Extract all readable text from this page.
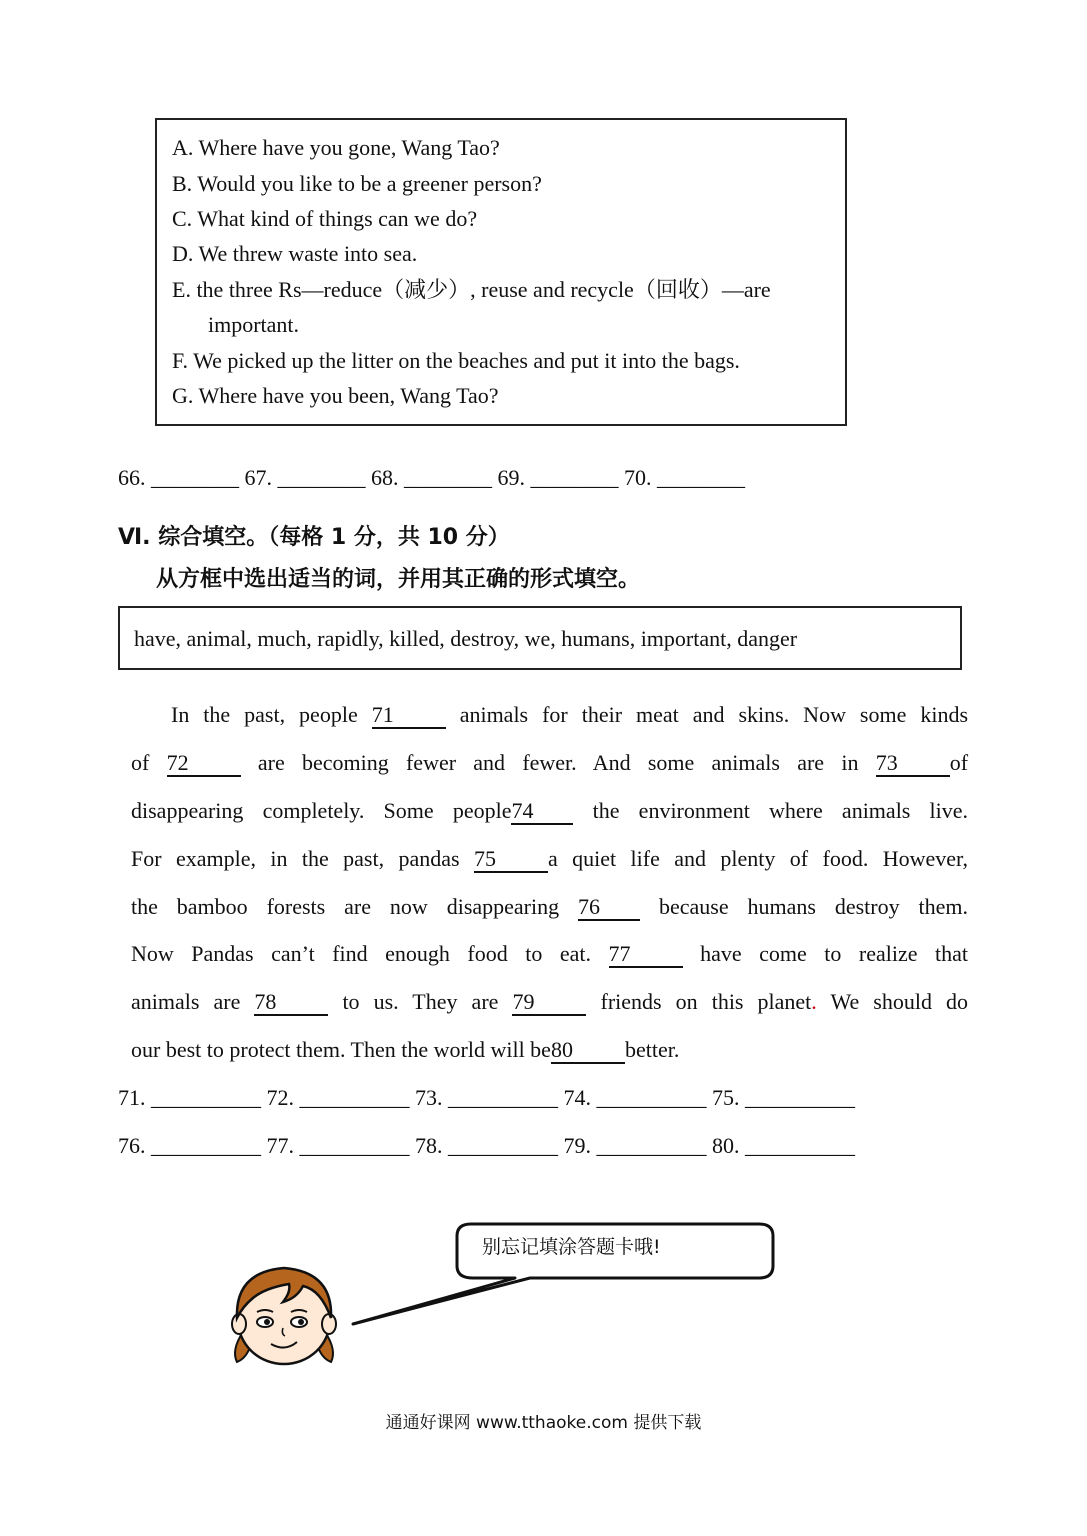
A. Where have you gone, Wang Tao?
B. Would you like to be a greener person?
C. What kind of things can we do?
D. We threw waste into sea.
E. the three Rs—reduce（减少）, reuse and recycle（回收）—are
important.
F. We picked up the litter on the beaches and put it into the bags.
G. Where have you been, Wang Tao?
66. ________ 67. ________ 68. ________ 69. ________ 70. ________
Ⅵ. 综合填空。（每格 1 分，共 10 分）
从方框中选出适当的词，并用其正确的形式填空。
have, animal, much, rapidly, killed, destroy, we, humans, important, danger
In the past, people 71	animals for their meat and skins. Now some kinds
of 72	are becoming fewer and fewer. And some animals are in 73 of
disappearing completely. Some people74	the environment where animals live.
For example, in the past, pandas 75 a quiet life and plenty of food. However,
the bamboo forests are now disappearing 76	because humans destroy them.
Now Pandas can’t find enough food to eat. 77	have come to realize that
animals are 78	to us. They are 79	friends on this planet. We should do
our best to protect them. Then the world will be80 better.
71. __________ 72. __________ 73. __________ 74. __________ 75. __________
76. __________ 77. __________ 78. __________ 79. __________ 80. __________
别忘记填涂答题卡哦!
通通好课网 www.tthaoke.com 提供下载
